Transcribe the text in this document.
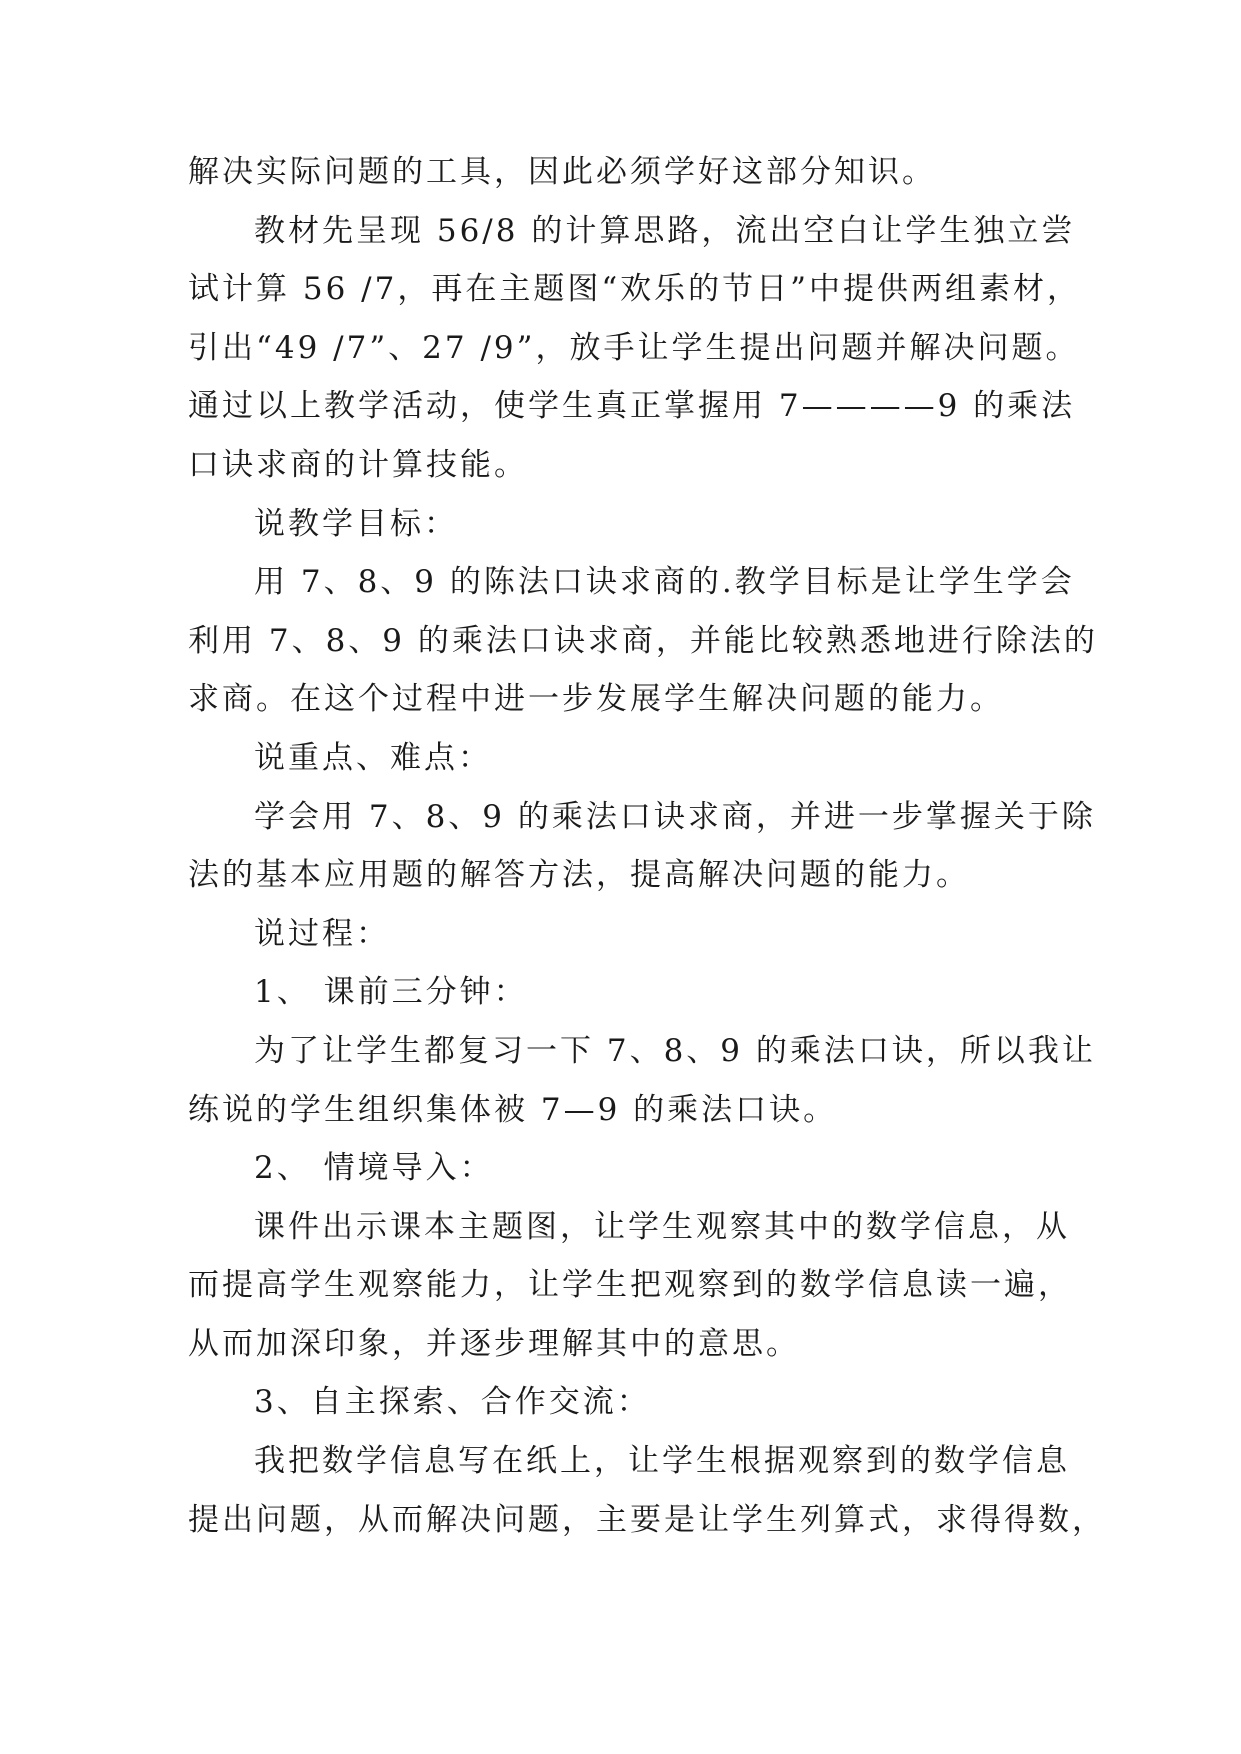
解决实际问题的工具，因此必须学好这部分知识。
教材先呈现 56/8 的计算思路，流出空白让学生独立尝
试计算 56 /7，再在主题图“欢乐的节日”中提供两组素材，
引出“49 /7”、27 /9”，放手让学生提出问题并解决问题。
通过以上教学活动，使学生真正掌握用 7————9 的乘法
口诀求商的计算技能。
说教学目标：
用 7、8、9 的陈法口诀求商的.教学目标是让学生学会
利用 7、8、9 的乘法口诀求商，并能比较熟悉地进行除法的
求商。在这个过程中进一步发展学生解决问题的能力。
说重点、难点：
学会用 7、8、9 的乘法口诀求商，并进一步掌握关于除
法的基本应用题的解答方法，提高解决问题的能力。
说过程：
1、 课前三分钟：
为了让学生都复习一下 7、8、9 的乘法口诀，所以我让
练说的学生组织集体被 7—9 的乘法口诀。
2、 情境导入：
课件出示课本主题图，让学生观察其中的数学信息，从
而提高学生观察能力，让学生把观察到的数学信息读一遍，
从而加深印象，并逐步理解其中的意思。
3、自主探索、合作交流：
我把数学信息写在纸上，让学生根据观察到的数学信息
提出问题，从而解决问题，主要是让学生列算式，求得得数，
